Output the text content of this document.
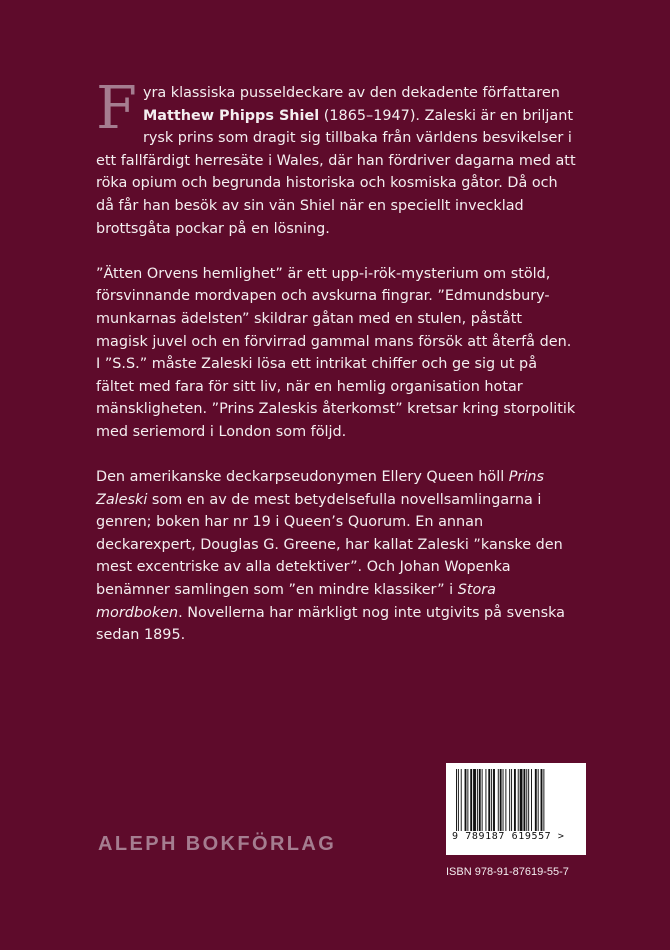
Fyra klassiska pusseldeckare av den dekadente författaren Matthew Phipps Shiel (1865–1947). Zaleski är en briljant rysk prins som dragit sig tillbaka från världens besvikelser i ett fallfärdigt herresäte i Wales, där han fördriver dagarna med att röka opium och begrunda historiska och kosmiska gåtor. Då och då får han besök av sin vän Shiel när en speciellt invecklad brottsgåta pockar på en lösning.

”Ätten Orvens hemlighet” är ett upp-i-rök-mysterium om stöld, försvinnande mordvapen och avskurna fingrar. ”Edmundsbury-munkarnas ädelsten” skildrar gåtan med en stulen, påstått magisk juvel och en förvirrad gammal mans försök att återfå den. I ”S.S.” måste Zaleski lösa ett intrikat chiffer och ge sig ut på fältet med fara för sitt liv, när en hemlig organisation hotar mänskligheten. ”Prins Zaleskis återkomst” kretsar kring storpolitik med seriemord i London som följd.

Den amerikanske deckarpseudonymen Ellery Queen höll Prins Zaleski som en av de mest betydelsefulla novellsamlingarna i genren; boken har nr 19 i Queen’s Quorum. En annan deckarexpert, Douglas G. Greene, har kallat Zaleski ”kanske den mest excentriske av alla detektiver”. Och Johan Wopenka benämner samlingen som ”en mindre klassiker” i Stora mordboken. Novellerna har märkligt nog inte utgivits på svenska sedan 1895.

ALEPH BOKFÖRLAG	9 789187 619557 >
ISBN 978-91-87619-55-7
